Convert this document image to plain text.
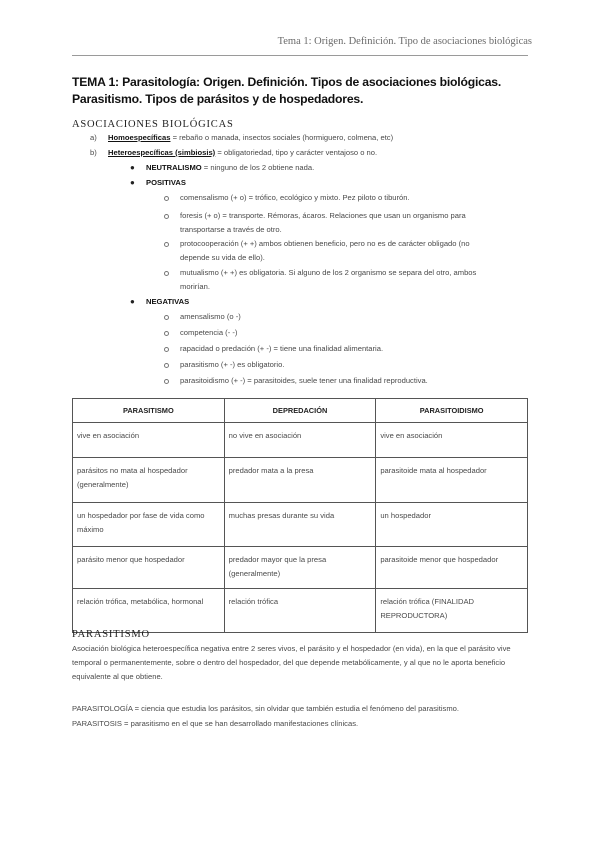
Tema 1: Origen. Definición. Tipo de asociaciones biológicas
TEMA 1: Parasitología: Origen. Definición. Tipos de asociaciones biológicas. Parasitismo. Tipos de parásitos y de hospedadores.
ASOCIACIONES BIOLÓGICAS
a) Homoespecíficas = rebaño o manada, insectos sociales (hormiguero, colmena, etc)
b) Heteroespecíficas (simbiosis) = obligatoriedad, tipo y carácter ventajoso o no.
● NEUTRALISMO = ninguno de los 2 obtiene nada.
● POSITIVAS
comensalismo (+ o) = trófico, ecológico y mixto. Pez piloto o tiburón.
foresis (+ o) = transporte. Rémoras, ácaros. Relaciones que usan un organismo para
transportarse a través de otro.
protocooperación (+ +) ambos obtienen beneficio, pero no es de carácter obligado (no
depende su vida de ello).
mutualismo (+ +) es obligatoria. Si alguno de los 2 organismo se separa del otro, ambos
morirían.
● NEGATIVAS
amensalismo (o -)
competencia (- -)
rapacidad o predación (+ -) = tiene una finalidad alimentaria.
parasitismo (+ -) es obligatorio.
parasitoidismo (+ -) = parasitoides, suele tener una finalidad reproductiva.
PARASITISMO	DEPREDACIÓN	PARASITOIDISMO
vive en asociación	no vive en asociación	vive en asociación
parásitos no mata al hospedador (generalmente)	predador mata a la presa	parasitoide mata al hospedador
un hospedador por fase de vida como máximo	muchas presas durante su vida	un hospedador
parásito menor que hospedador	predador mayor que la presa (generalmente)	parasitoide menor que hospedador
relación trófica, metabólica, hormonal	relación trófica	relación trófica (FINALIDAD REPRODUCTORA)
PARASITISMO
Asociación biológica heteroespecífica negativa entre 2 seres vivos, el parásito y el hospedador (en vida), en la que el parásito vive temporal o permanentemente, sobre o dentro del hospedador, del que depende metabólicamente, y al que no le aporta beneficio equivalente al que obtiene.
PARASITOLOGÍA = ciencia que estudia los parásitos, sin olvidar que también estudia el fenómeno del parasitismo.
PARASITOSIS = parasitismo en el que se han desarrollado manifestaciones clínicas.
